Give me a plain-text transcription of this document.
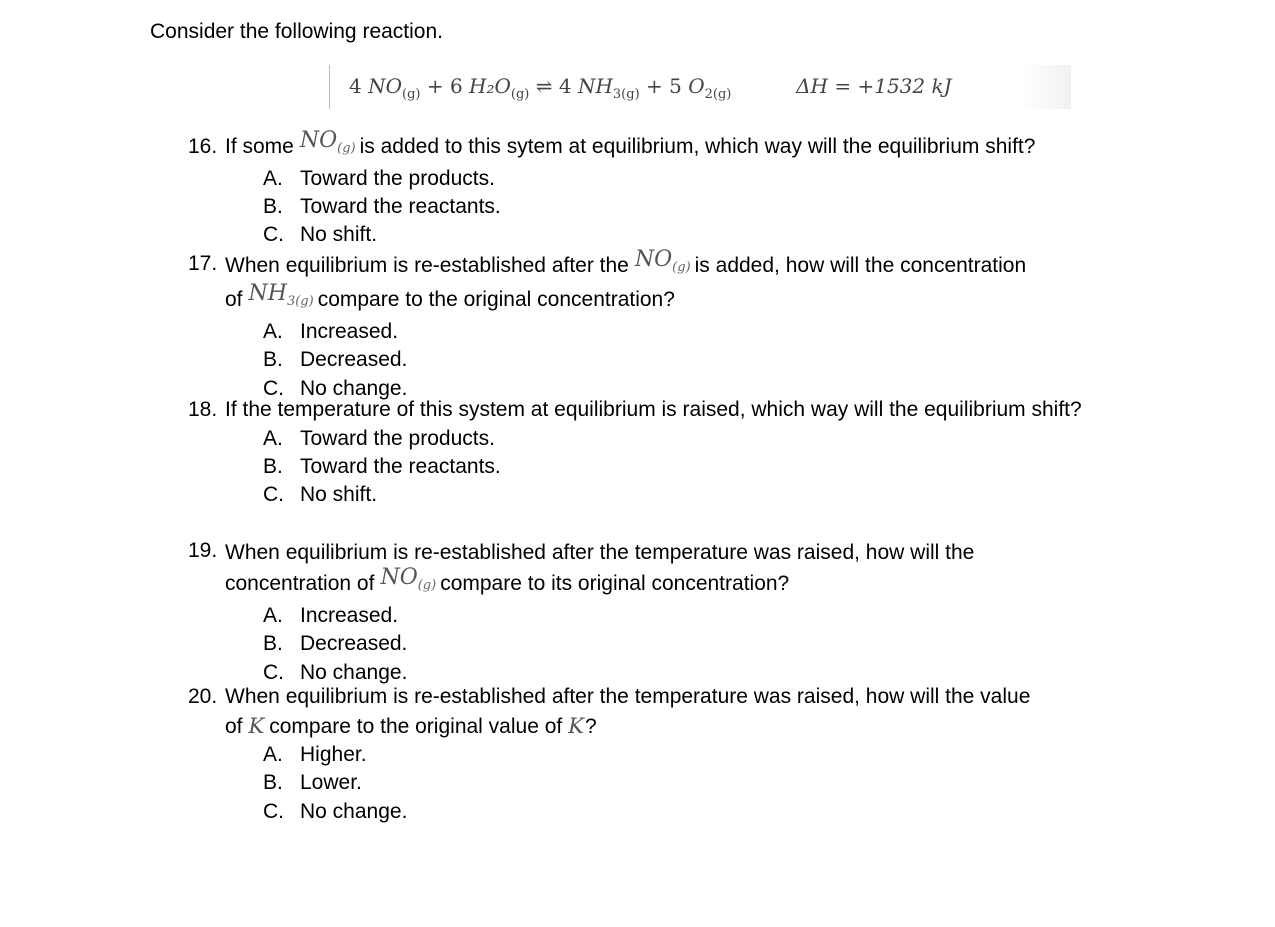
Consider the following reaction.
4 $NO_{(g)} + 6$ $H_2O_{(g)}$ ⇌ 4 $NH_{3(g)} + 5$ $O_{2(g)}$	ΔH = +1532 kJ
16. If some $NO_{(g)}$ is added to this sytem at equilibrium, which way will the equilibrium shift?
A. Toward the products.
B. Toward the reactants.
C. No shift.
17. When equilibrium is re-established after the $NO_{(g)}$ is added, how will the concentration of $NH_{3(g)}$ compare to the original concentration?
A. Increased.
B. Decreased.
C. No change.
18. If the temperature of this system at equilibrium is raised, which way will the equilibrium shift?
A. Toward the products.
B. Toward the reactants.
C. No shift.
19. When equilibrium is re-established after the temperature was raised, how will the concentration of $NO_{(g)}$ compare to its original concentration?
A. Increased.
B. Decreased.
C. No change.
20. When equilibrium is re-established after the temperature was raised, how will the value of K compare to the original value of K?
A. Higher.
B. Lower.
C. No change.
